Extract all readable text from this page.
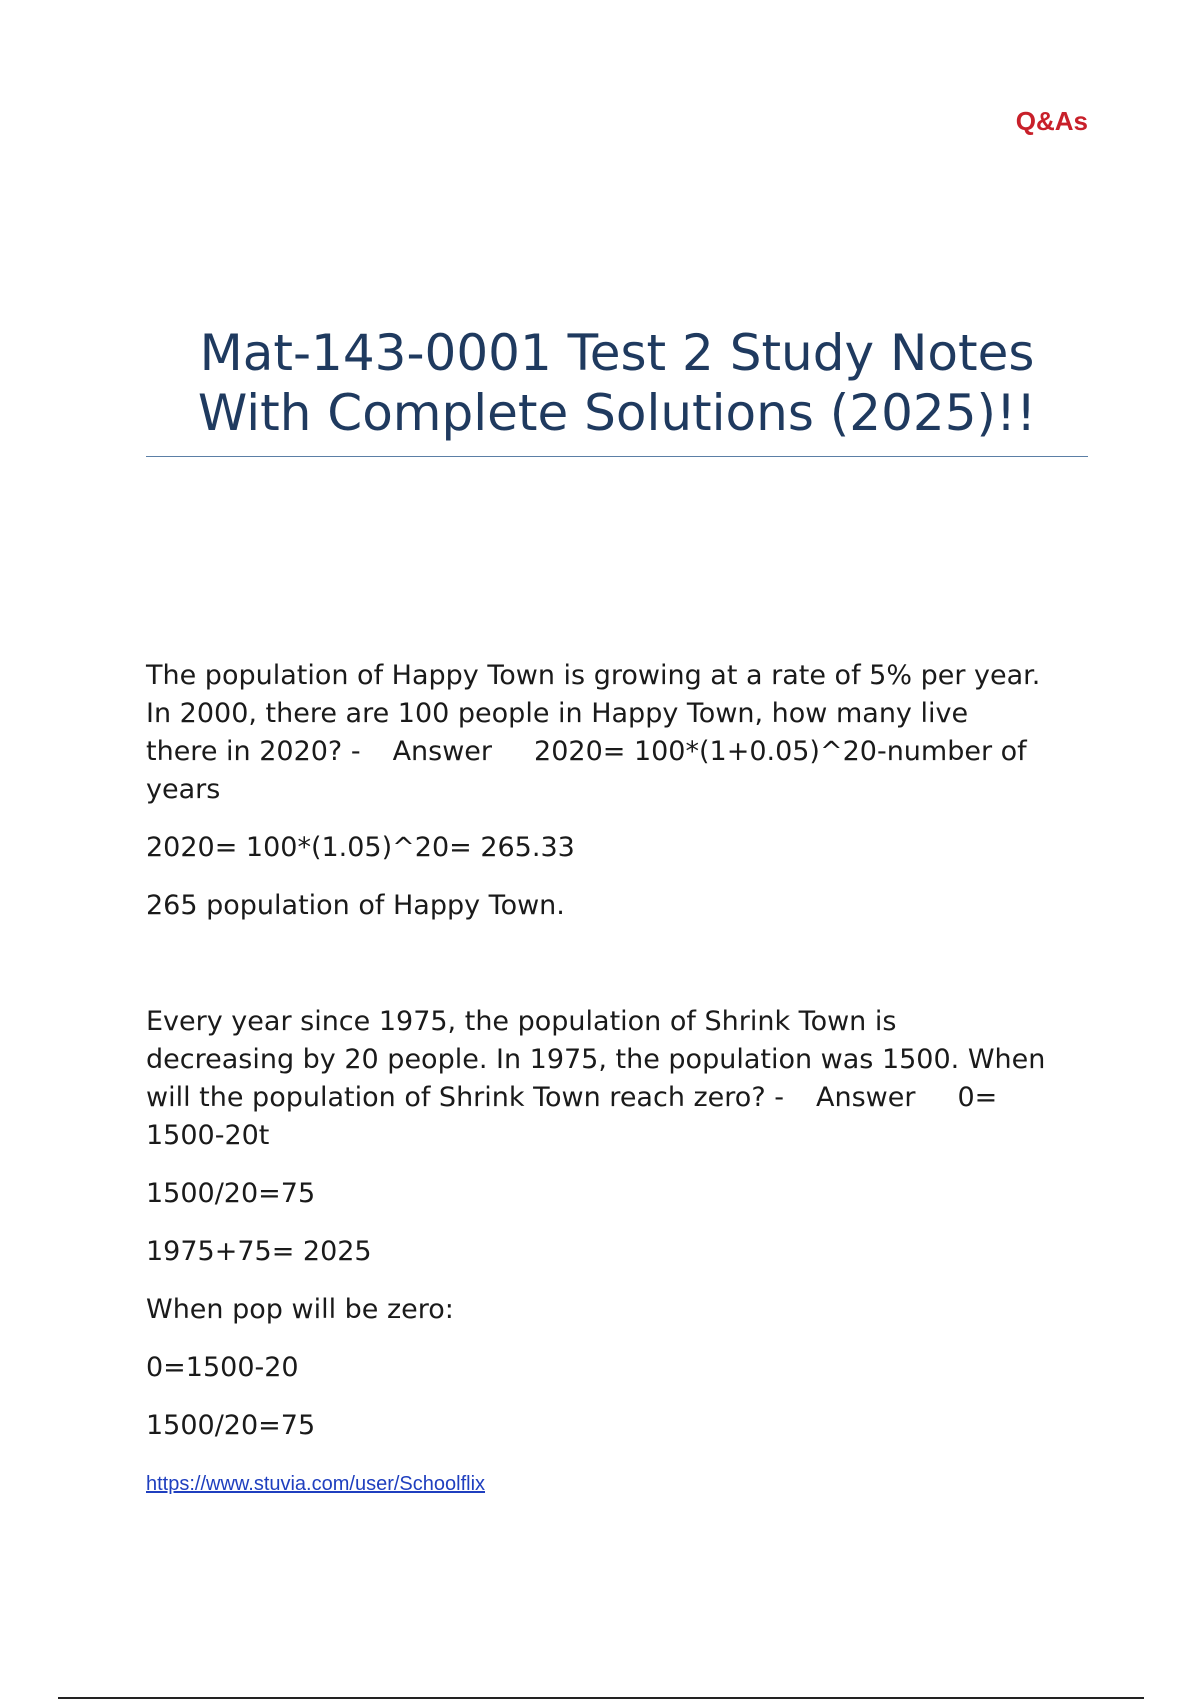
Q&As
Mat-143-0001 Test 2 Study Notes
With Complete Solutions (2025)!!

The population of Happy Town is growing at a rate of 5% per year.
In 2000, there are 100 people in Happy Town, how many live
there in 2020? - Answer 2020= 100*(1+0.05)^20-number of
years

2020= 100*(1.05)^20= 265.33

265 population of Happy Town.

Every year since 1975, the population of Shrink Town is
decreasing by 20 people. In 1975, the population was 1500. When
will the population of Shrink Town reach zero? - Answer 0=
1500-20t

1500/20=75

1975+75= 2025

When pop will be zero:

0=1500-20

1500/20=75

https://www.stuvia.com/user/Schoolflix
